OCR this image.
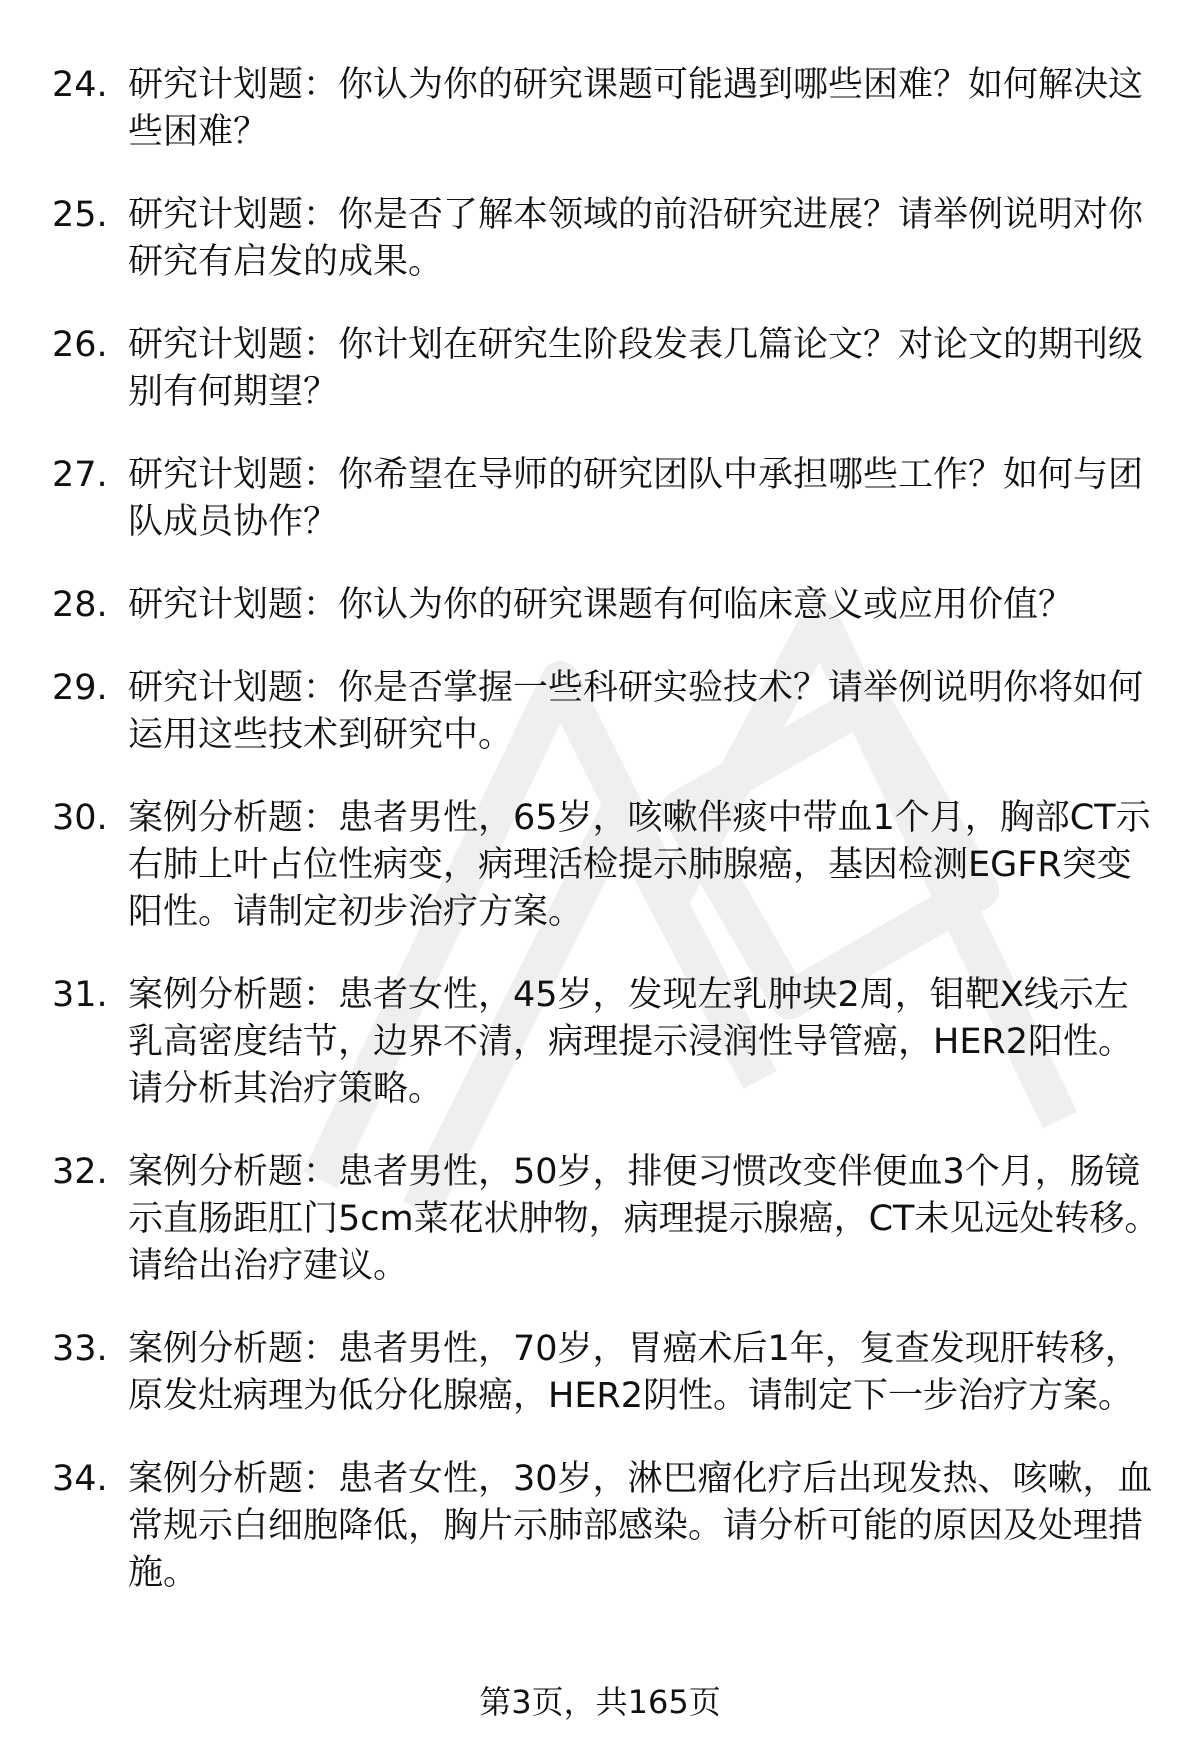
24. 研究计划题：你认为你的研究课题可能遇到哪些困难？如何解决这些困难？
25. 研究计划题：你是否了解本领域的前沿研究进展？请举例说明对你研究有启发的成果。
26. 研究计划题：你计划在研究生阶段发表几篇论文？对论文的期刊级别有何期望？
27. 研究计划题：你希望在导师的研究团队中承担哪些工作？如何与团队成员协作？
28. 研究计划题：你认为你的研究课题有何临床意义或应用价值？
29. 研究计划题：你是否掌握一些科研实验技术？请举例说明你将如何运用这些技术到研究中。
30. 案例分析题：患者男性，65岁，咳嗽伴痰中带血1个月，胸部CT示右肺上叶占位性病变，病理活检提示肺腺癌，基因检测EGFR突变阳性。请制定初步治疗方案。
31. 案例分析题：患者女性，45岁，发现左乳肿块2周，钼靶X线示左乳高密度结节，边界不清，病理提示浸润性导管癌，HER2阳性。请分析其治疗策略。
32. 案例分析题：患者男性，50岁，排便习惯改变伴便血3个月，肠镜示直肠距肛门5cm菜花状肿物，病理提示腺癌，CT未见远处转移。请给出治疗建议。
33. 案例分析题：患者男性，70岁，胃癌术后1年，复查发现肝转移，原发灶病理为低分化腺癌，HER2阴性。请制定下一步治疗方案。
34. 案例分析题：患者女性，30岁，淋巴瘤化疗后出现发热、咳嗽，血常规示白细胞降低，胸片示肺部感染。请分析可能的原因及处理措施。
第3页，共165页
